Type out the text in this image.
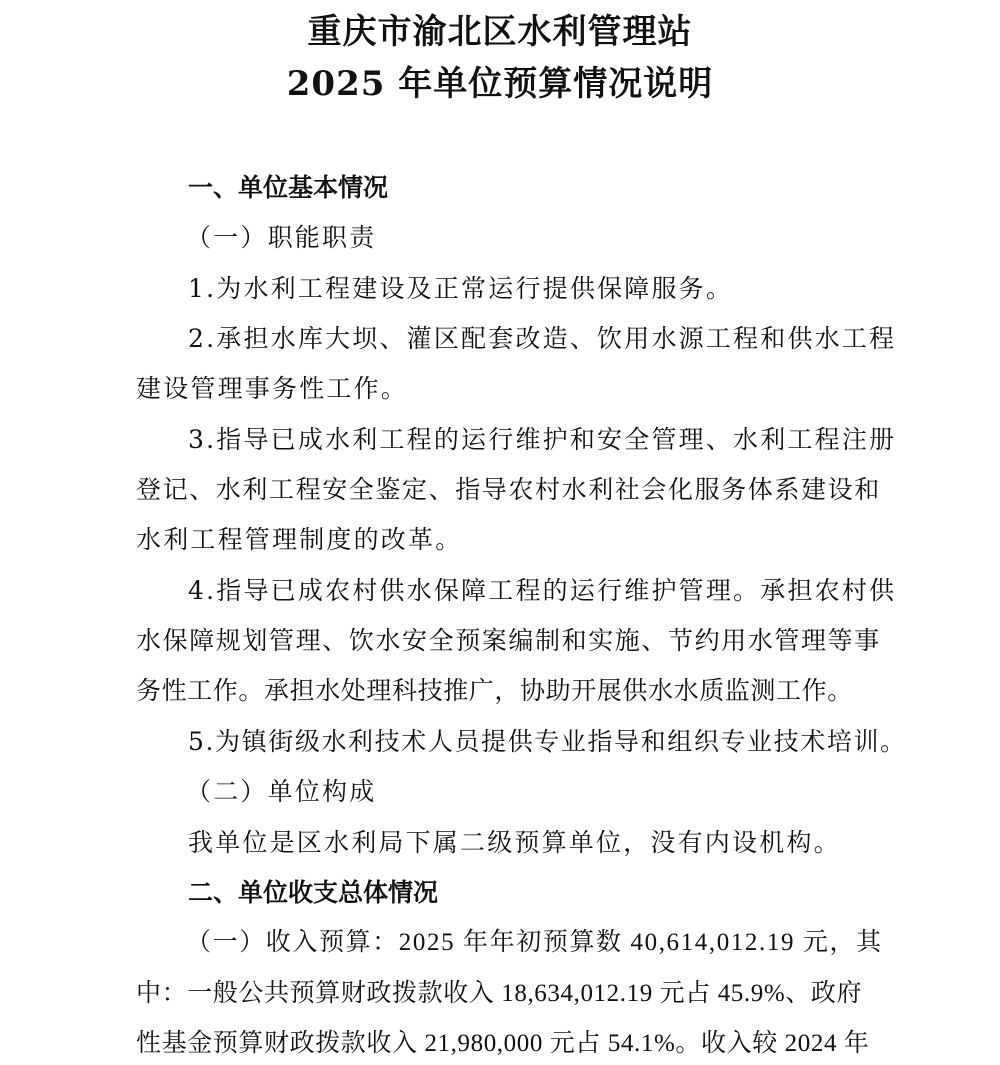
重庆市渝北区水利管理站
2025 年单位预算情况说明
一、单位基本情况
（一）职能职责
1.为水利工程建设及正常运行提供保障服务。
2.承担水库大坝、灌区配套改造、饮用水源工程和供水工程
建设管理事务性工作。
3.指导已成水利工程的运行维护和安全管理、水利工程注册
登记、水利工程安全鉴定、指导农村水利社会化服务体系建设和
水利工程管理制度的改革。
4.指导已成农村供水保障工程的运行维护管理。承担农村供
水保障规划管理、饮水安全预案编制和实施、节约用水管理等事
务性工作。承担水处理科技推广，协助开展供水水质监测工作。
5.为镇街级水利技术人员提供专业指导和组织专业技术培训。
（二）单位构成
我单位是区水利局下属二级预算单位，没有内设机构。
二、单位收支总体情况
（一）收入预算：2025 年年初预算数 40,614,012.19 元，其
中：一般公共预算财政拨款收入 18,634,012.19 元占 45.9%、政府
性基金预算财政拨款收入 21,980,000 元占 54.1%。收入较 2024 年
